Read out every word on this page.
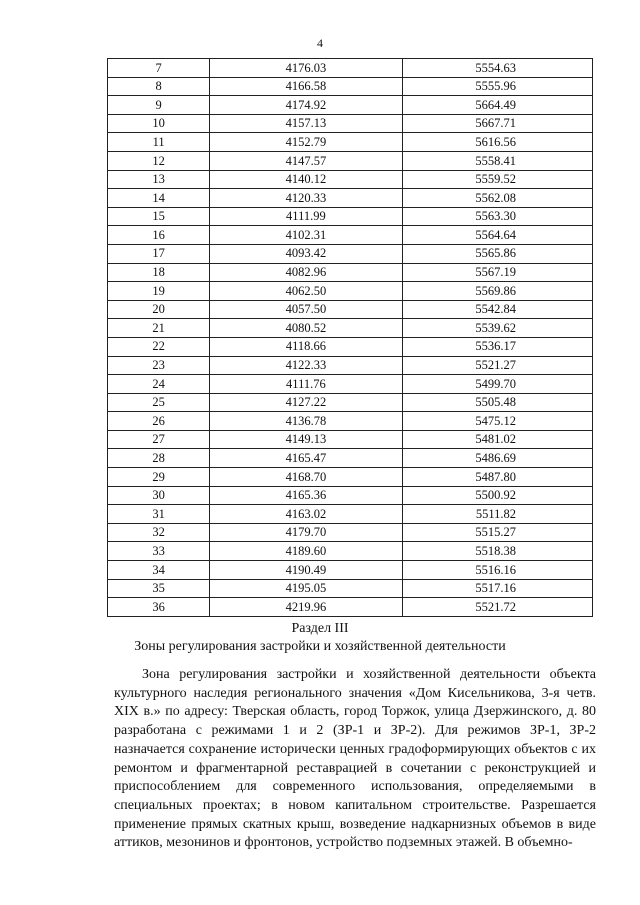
4
7	4176.03	5554.63
8	4166.58	5555.96
9	4174.92	5664.49
10	4157.13	5667.71
11	4152.79	5616.56
12	4147.57	5558.41
13	4140.12	5559.52
14	4120.33	5562.08
15	4111.99	5563.30
16	4102.31	5564.64
17	4093.42	5565.86
18	4082.96	5567.19
19	4062.50	5569.86
20	4057.50	5542.84
21	4080.52	5539.62
22	4118.66	5536.17
23	4122.33	5521.27
24	4111.76	5499.70
25	4127.22	5505.48
26	4136.78	5475.12
27	4149.13	5481.02
28	4165.47	5486.69
29	4168.70	5487.80
30	4165.36	5500.92
31	4163.02	5511.82
32	4179.70	5515.27
33	4189.60	5518.38
34	4190.49	5516.16
35	4195.05	5517.16
36	4219.96	5521.72
Раздел III
Зоны регулирования застройки и хозяйственной деятельности

Зона регулирования застройки и хозяйственной деятельности объекта культурного наследия регионального значения «Дом Кисельникова, 3-я четв. XIX в.» по адресу: Тверская область, город Торжок, улица Дзержинского, д. 80 разработана с режимами 1 и 2 (ЗР-1 и ЗР-2). Для режимов ЗР-1, ЗР-2 назначается сохранение исторически ценных градоформирующих объектов с их ремонтом и фрагментарной реставрацией в сочетании с реконструкцией и приспособлением для современного использования, определяемыми в специальных проектах; в новом капитальном строительстве. Разрешается применение прямых скатных крыш, возведение надкарнизных объемов в виде аттиков, мезонинов и фронтонов, устройство подземных этажей. В объемно-
